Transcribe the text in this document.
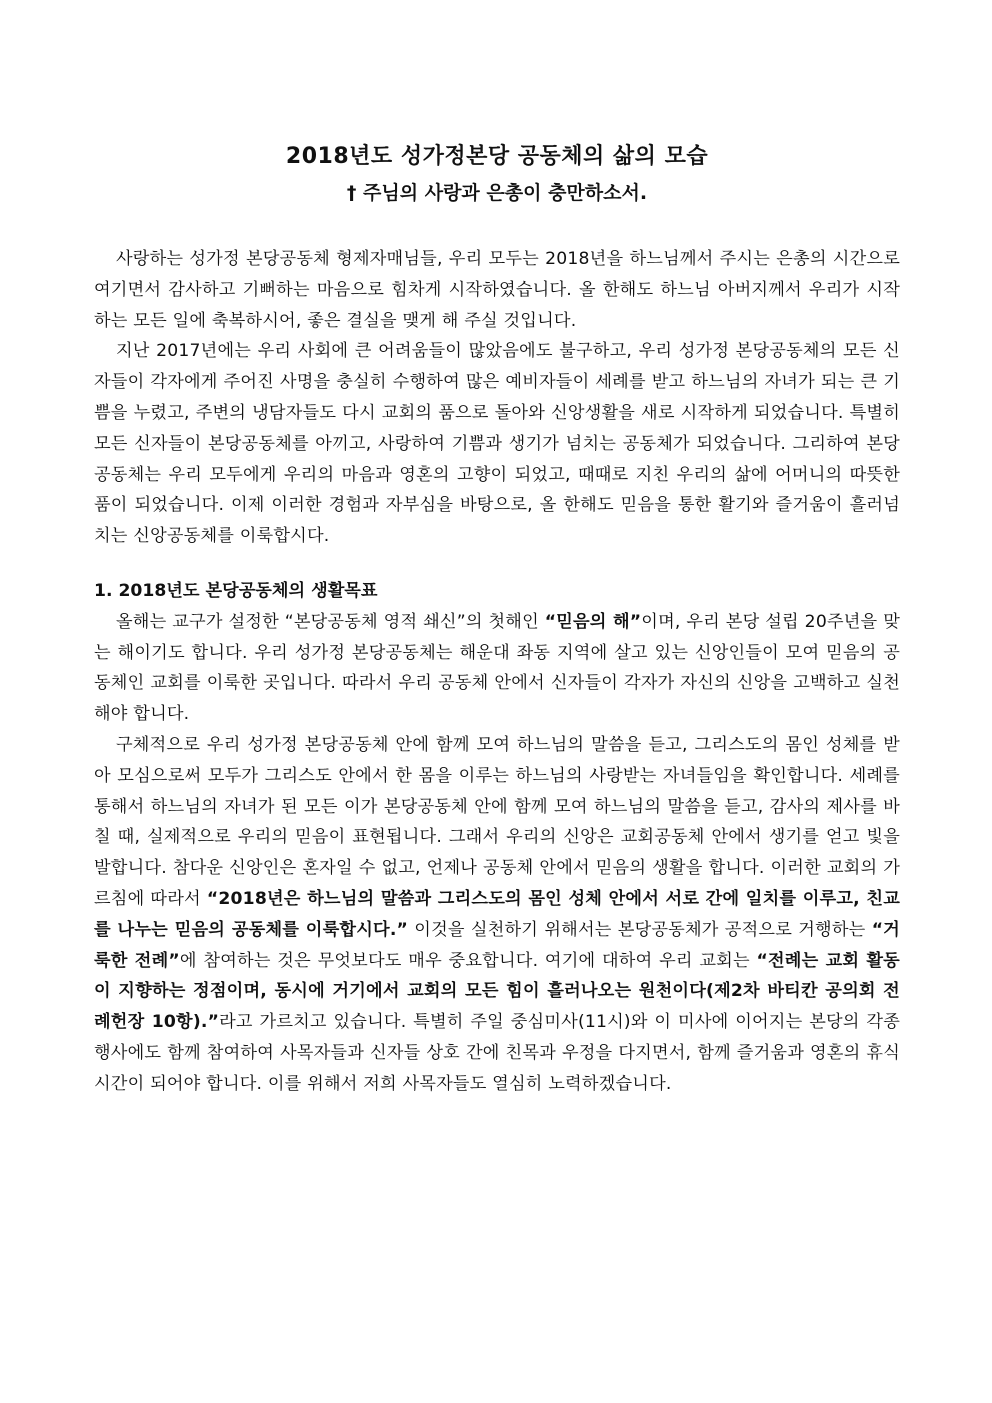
2018년도 성가정본당 공동체의 삶의 모습
† 주님의 사랑과 은총이 충만하소서.

사랑하는 성가정 본당공동체 형제자매님들, 우리 모두는 2018년을 하느님께서 주시는 은총의 시간으로 여기면서 감사하고 기뻐하는 마음으로 힘차게 시작하였습니다. 올 한해도 하느님 아버지께서 우리가 시작하는 모든 일에 축복하시어, 좋은 결실을 맺게 해 주실 것입니다.

지난 2017년에는 우리 사회에 큰 어려움들이 많았음에도 불구하고, 우리 성가정 본당공동체의 모든 신자들이 각자에게 주어진 사명을 충실히 수행하여 많은 예비자들이 세례를 받고 하느님의 자녀가 되는 큰 기쁨을 누렸고, 주변의 냉담자들도 다시 교회의 품으로 돌아와 신앙생활을 새로 시작하게 되었습니다. 특별히 모든 신자들이 본당공동체를 아끼고, 사랑하여 기쁨과 생기가 넘치는 공동체가 되었습니다. 그리하여 본당공동체는 우리 모두에게 우리의 마음과 영혼의 고향이 되었고, 때때로 지친 우리의 삶에 어머니의 따뜻한 품이 되었습니다. 이제 이러한 경험과 자부심을 바탕으로, 올 한해도 믿음을 통한 활기와 즐거움이 흘러넘치는 신앙공동체를 이룩합시다.

1. 2018년도 본당공동체의 생활목표

올해는 교구가 설정한 “본당공동체 영적 쇄신”의 첫해인 “믿음의 해”이며, 우리 본당 설립 20주년을 맞는 해이기도 합니다. 우리 성가정 본당공동체는 해운대 좌동 지역에 살고 있는 신앙인들이 모여 믿음의 공동체인 교회를 이룩한 곳입니다. 따라서 우리 공동체 안에서 신자들이 각자가 자신의 신앙을 고백하고 실천해야 합니다.

구체적으로 우리 성가정 본당공동체 안에 함께 모여 하느님의 말씀을 듣고, 그리스도의 몸인 성체를 받아 모심으로써 모두가 그리스도 안에서 한 몸을 이루는 하느님의 사랑받는 자녀들임을 확인합니다. 세례를 통해서 하느님의 자녀가 된 모든 이가 본당공동체 안에 함께 모여 하느님의 말씀을 듣고, 감사의 제사를 바칠 때, 실제적으로 우리의 믿음이 표현됩니다. 그래서 우리의 신앙은 교회공동체 안에서 생기를 얻고 빛을 발합니다. 참다운 신앙인은 혼자일 수 없고, 언제나 공동체 안에서 믿음의 생활을 합니다. 이러한 교회의 가르침에 따라서 “2018년은 하느님의 말씀과 그리스도의 몸인 성체 안에서 서로 간에 일치를 이루고, 친교를 나누는 믿음의 공동체를 이룩합시다.” 이것을 실천하기 위해서는 본당공동체가 공적으로 거행하는 “거룩한 전례”에 참여하는 것은 무엇보다도 매우 중요합니다. 여기에 대하여 우리 교회는 “전례는 교회 활동이 지향하는 정점이며, 동시에 거기에서 교회의 모든 힘이 흘러나오는 원천이다(제2차 바티칸 공의회 전례헌장 10항).”라고 가르치고 있습니다. 특별히 주일 중심미사(11시)와 이 미사에 이어지는 본당의 각종 행사에도 함께 참여하여 사목자들과 신자들 상호 간에 친목과 우정을 다지면서, 함께 즐거움과 영혼의 휴식시간이 되어야 합니다. 이를 위해서 저희 사목자들도 열심히 노력하겠습니다.
